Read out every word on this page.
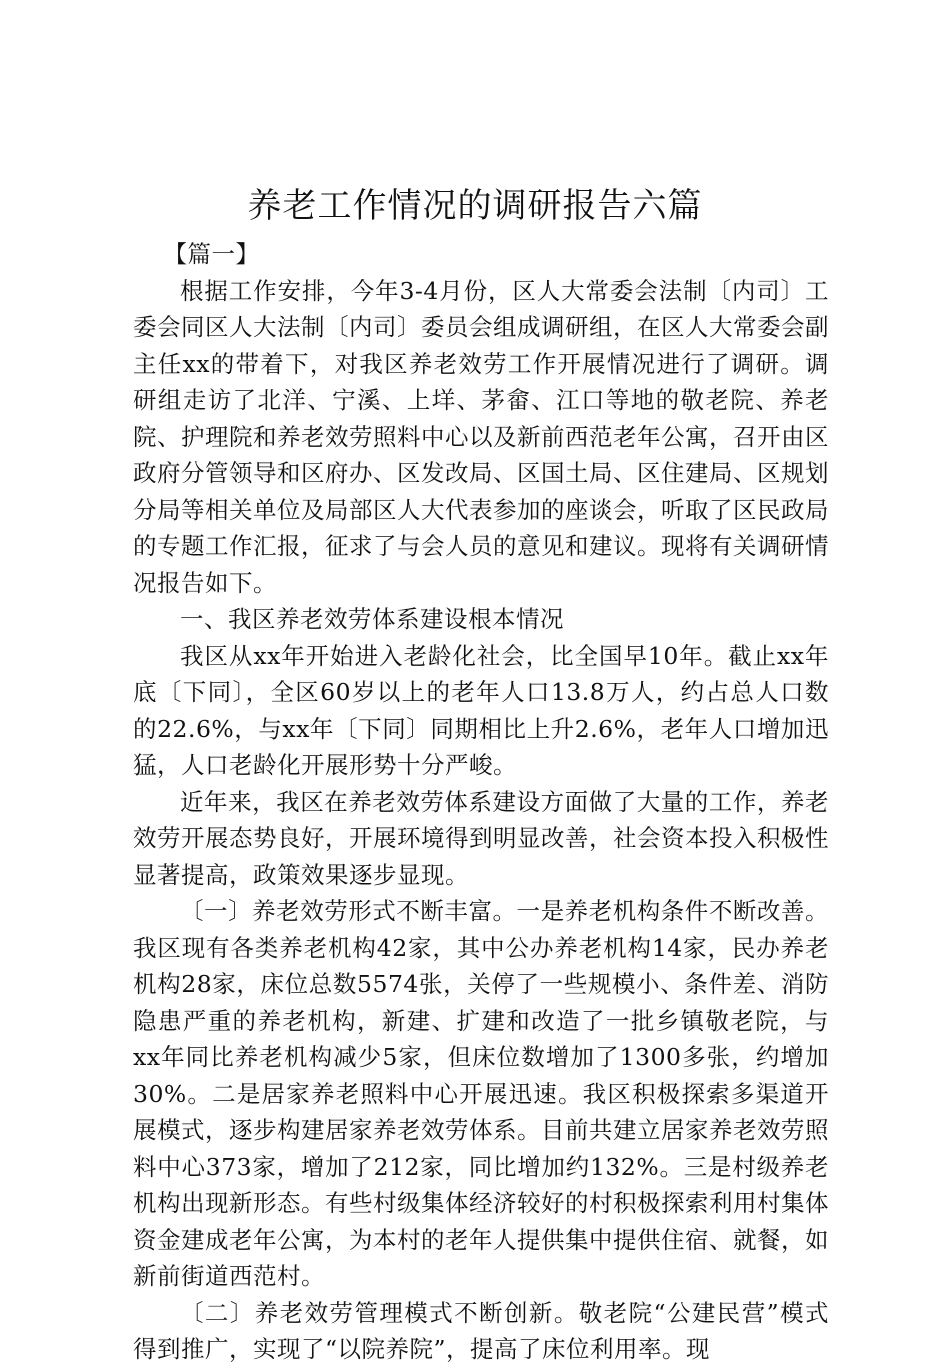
养老工作情况的调研报告六篇

【篇一】

根据工作安排，今年3-4月份，区人大常委会法制〔内司〕工委会同区人大法制〔内司〕委员会组成调研组，在区人大常委会副主任xx的带着下，对我区养老效劳工作开展情况进行了调研。调研组走访了北洋、宁溪、上垟、茅畲、江口等地的敬老院、养老院、护理院和养老效劳照料中心以及新前西范老年公寓，召开由区政府分管领导和区府办、区发改局、区国土局、区住建局、区规划分局等相关单位及局部区人大代表参加的座谈会，听取了区民政局的专题工作汇报，征求了与会人员的意见和建议。现将有关调研情况报告如下。

一、我区养老效劳体系建设根本情况

我区从xx年开始进入老龄化社会，比全国早10年。截止xx年底〔下同〕，全区60岁以上的老年人口13.8万人，约占总人口数的22.6%，与xx年〔下同〕同期相比上升2.6%，老年人口增加迅猛，人口老龄化开展形势十分严峻。

近年来，我区在养老效劳体系建设方面做了大量的工作，养老效劳开展态势良好，开展环境得到明显改善，社会资本投入积极性显著提高，政策效果逐步显现。

〔一〕养老效劳形式不断丰富。一是养老机构条件不断改善。我区现有各类养老机构42家，其中公办养老机构14家，民办养老机构28家，床位总数5574张，关停了一些规模小、条件差、消防隐患严重的养老机构，新建、扩建和改造了一批乡镇敬老院，与xx年同比养老机构减少5家，但床位数增加了1300多张，约增加30%。二是居家养老照料中心开展迅速。我区积极探索多渠道开展模式，逐步构建居家养老效劳体系。目前共建立居家养老效劳照料中心373家，增加了212家，同比增加约132%。三是村级养老机构出现新形态。有些村级集体经济较好的村积极探索利用村集体资金建成老年公寓，为本村的老年人提供集中提供住宿、就餐，如新前街道西范村。

〔二〕养老效劳管理模式不断创新。敬老院“公建民营”模式得到推广，实现了“以院养院”，提高了床位利用率。现
